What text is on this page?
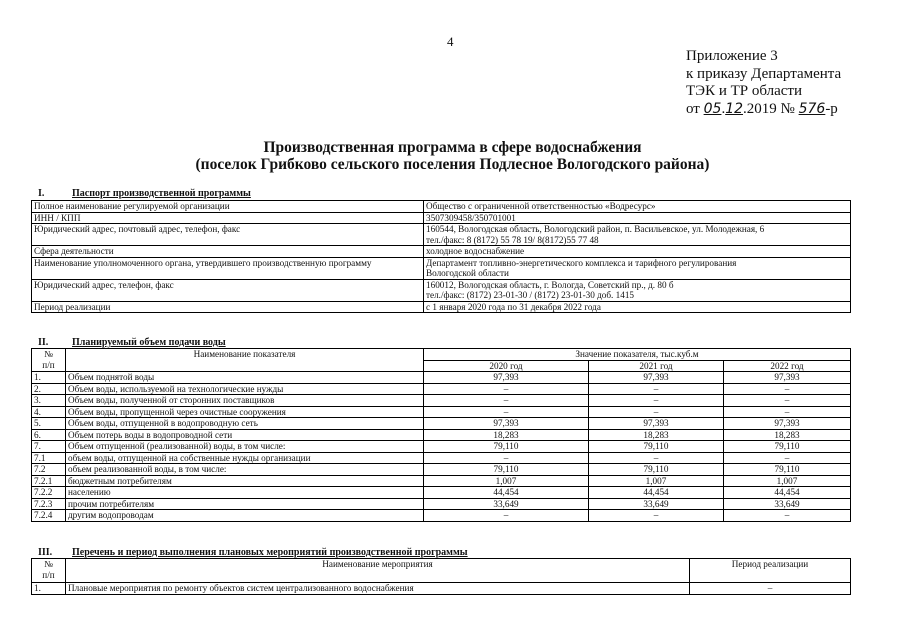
4
Приложение 3
к приказу Департамента
ТЭК и ТР области
от 05.12.2019 № 576-р
Производственная программа в сфере водоснабжения
(поселок Грибково сельского поселения Подлесное Вологодского района)
I.	Паспорт производственной программы
Полное наименование регулируемой организации	Общество с ограниченной ответственностью «Водресурс»
ИНН / КПП	3507309458/350701001
Юридический адрес, почтовый адрес, телефон, факс	160544, Вологодская область, Вологодский район, п. Васильевское, ул. Молодежная, 6
тел./факс: 8 (8172) 55 78 19/ 8(8172)55 77 48
Сфера деятельности	холодное водоснабжение
Наименование уполномоченного органа, утвердившего производственную программу	Департамент топливно-энергетического комплекса и тарифного регулирования
Вологодской области
Юридический адрес, телефон, факс	160012, Вологодская область, г. Вологда, Советский пр., д. 80 б
тел./факс: (8172) 23-01-30 / (8172) 23-01-30 доб. 1415
Период реализации	с 1 января 2020 года по 31 декабря 2022 года
II. Планируемый объем подачи воды
№
п/п	Наименование показателя	Значение показателя, тыс.куб.м		
		2020 год	2021 год	2022 год
1.	Объем поднятой воды	97,393	97,393	97,393
2.	Объем воды, используемой на технологические нужды	–	–	–
3.	Объем воды, полученной от сторонних поставщиков	–	–	–
4.	Объем воды, пропущенной через очистные сооружения	–	–	–
5.	Объем воды, отпущенной в водопроводную сеть	97,393	97,393	97,393
6.	Объем потерь воды в водопроводной сети	18,283	18,283	18,283
7.	Объем отпущенной (реализованной) воды, в том числе:	79,110	79,110	79,110
7.1	объем воды, отпущенной на собственные нужды организации	–	–	–
7.2	объем реализованной воды, в том числе:	79,110	79,110	79,110
7.2.1	бюджетным потребителям	1,007	1,007	1,007
7.2.2	населению	44,454	44,454	44,454
7.2.3	прочим потребителям	33,649	33,649	33,649
7.2.4	другим водопроводам	–	–	–
III. Перечень и период выполнения плановых мероприятий производственной программы
№
п/п	Наименование мероприятия	Период реализации
1.	Плановые мероприятия по ремонту объектов систем централизованного водоснабжения	–
